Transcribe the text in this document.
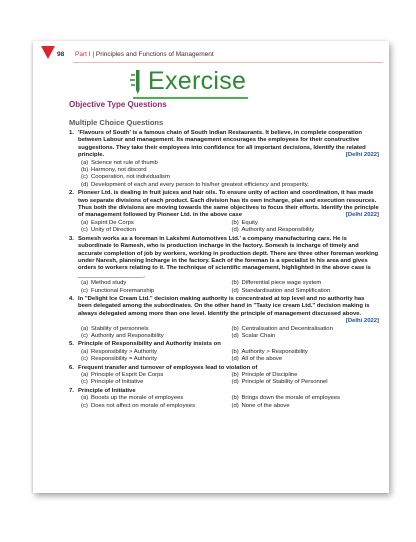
98 Part I | Principles and Functions of Management
Exercise
Objective Type Questions
Multiple Choice Questions
1. 'Flavours of South' is a famous chain of South Indian Restaurants. It believe, in complete cooperation between Labour and management. Its management encourages the employees for their constructive suggestions. They take their employees into confidence for all important decisions, Identify the related principle.	[Delhi 2022]
(a) Science not rule of thumb
(b) Harmony, not discord
(c) Cooperation, not individualism
(d) Development of each and every person to his/her greatest efficiency and prosperity.
2. Pioneer Ltd. is dealing in fruit juices and hair oils. To ensure unity of action and coordination, it has made two separate divisions of each product. Each division has its own incharge, plan and execution resources. Thus both the divisions are moving towards the same objectives to focus their efforts. Identify the principle of management followed by Pioneer Ltd. in the above case	[Delhi 2022]
(a) Espirit De Corps	(b) Equity
(c) Unity of Direction	(d) Authority and Responsibility
3. Somesh works as a foreman in Lakshmi Automotives Ltd.' a company manufacturing cars. He is subordinate to Ramesh, who is production incharge in the factory. Somesh is incharge of timely and accurate completion of job by workers, working in production deptt. There are three other foreman working under Naresh, planning Incharge in the factory. Each of the foreman is a specialist in his area and gives orders to workers relating to it. The technique of scientific management, highlighted in the above case is
____________________.
(a) Method study	(b) Differential piece wage system
(c) Functional Foremanship	(d) Standardisation and Simplification
4. In "Delight Ice Cream Ltd." decision making authority is concentrated at top level and no authority has been delegated among the subordinates. On the other hand in "Tasty ice cream Ltd." decision making is always delegated among more than one level. Identify the principle of management discussed above.
[Delhi 2022]
(a) Stability of personnels	(b) Centralisation and Decentralisation
(c) Authority and Responsibility	(d) Scalar Chain
5. Principle of Responsibility and Authority insists on
(a) Responsibility > Authority	(b) Authority > Responsibility
(c) Responsibility = Authority	(d) All of the above
6. Frequent transfer and turnover of employees lead to violation of
(a) Principle of Esprit De Corps	(b) Principle of Discipline
(c) Principle of Initiative	(d) Principle of Stability of Personnel
7. Principle of Initiative
(a) Boosts up the morale of employees	(b) Brings down the morale of employees
(c) Does not affect on morale of employees	(d) None of the above
